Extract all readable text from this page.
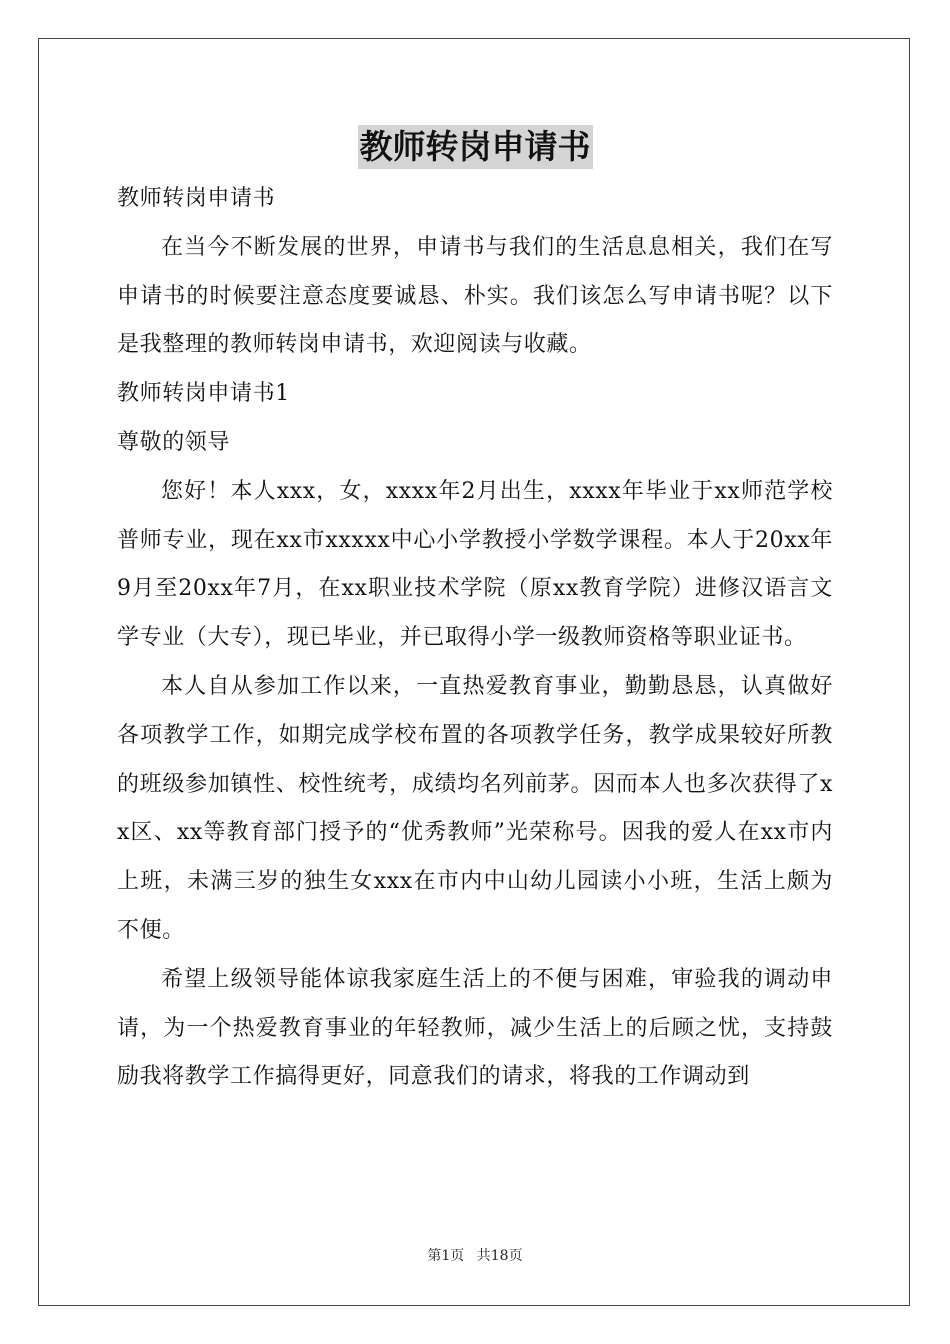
教师转岗申请书

教师转岗申请书

在当今不断发展的世界，申请书与我们的生活息息相关，我们在写申请书的时候要注意态度要诚恳、朴实。我们该怎么写申请书呢？以下是我整理的教师转岗申请书，欢迎阅读与收藏。

教师转岗申请书1

尊敬的领导

您好！本人xxx，女，xxxx年2月出生，xxxx年毕业于xx师范学校普师专业，现在xx市xxxxx中心小学教授小学数学课程。本人于20xx年9月至20xx年7月，在xx职业技术学院（原xx教育学院）进修汉语言文学专业（大专），现已毕业，并已取得小学一级教师资格等职业证书。

本人自从参加工作以来，一直热爱教育事业，勤勤恳恳，认真做好各项教学工作，如期完成学校布置的各项教学任务，教学成果较好所教的班级参加镇性、校性统考，成绩均名列前茅。因而本人也多次获得了xx区、xx等教育部门授予的“优秀教师”光荣称号。因我的爱人在xx市内上班，未满三岁的独生女xxx在市内中山幼儿园读小小班，生活上颇为不便。

希望上级领导能体谅我家庭生活上的不便与困难，审验我的调动申请，为一个热爱教育事业的年轻教师，减少生活上的后顾之忧，支持鼓励我将教学工作搞得更好，同意我们的请求，将我的工作调动到

第1页 共18页
